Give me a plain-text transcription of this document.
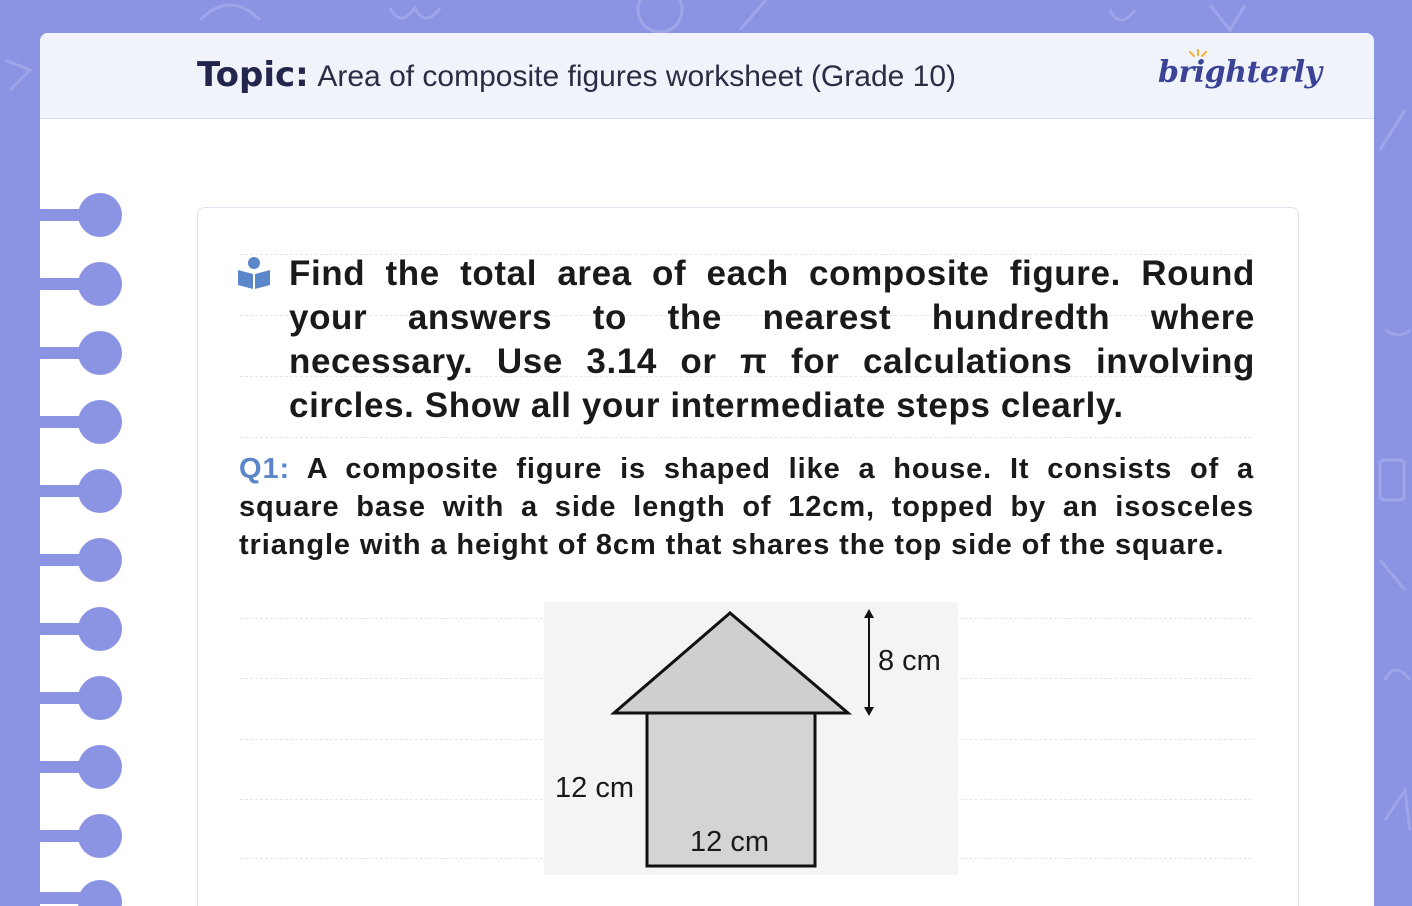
Topic: Area of composite figures worksheet (Grade 10)	brighterly
Find the total area of each composite figure. Round your answers to the nearest hundredth where necessary. Use 3.14 or π for calculations involving circles. Show all your intermediate steps clearly.
Q1: A composite figure is shaped like a house. It consists of a square base with a side length of 12cm, topped by an isosceles triangle with a height of 8cm that shares the top side of the square.
8 cm
12 cm
12 cm
